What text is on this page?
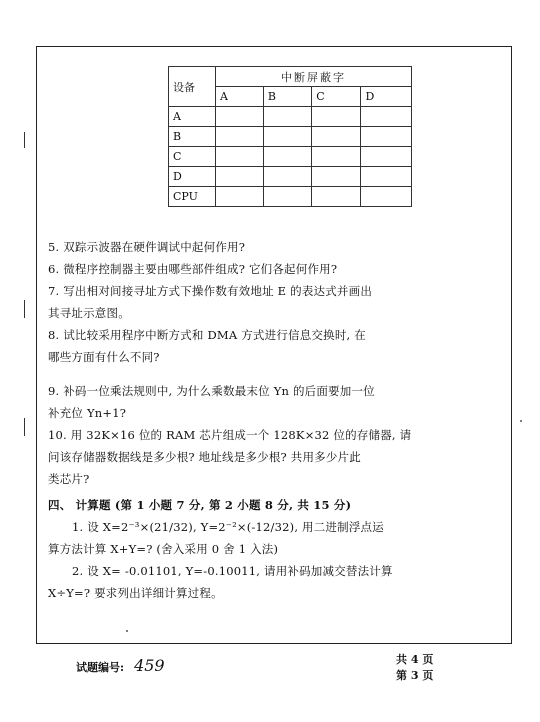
设备	中断屏蔽字			
	A	B	C	D
A				
B				
C				
D				
CPU				
5. 双踪示波器在硬件调试中起何作用?
6. 微程序控制器主要由哪些部件组成? 它们各起何作用?
7. 写出相对间接寻址方式下操作数有效地址 E 的表达式并画出
其寻址示意图。
8. 试比较采用程序中断方式和 DMA 方式进行信息交换时, 在
哪些方面有什么不同?
9. 补码一位乘法规则中, 为什么乘数最末位 Yn 的后面要加一位
补充位 Yn+1?
10. 用 32K×16 位的 RAM 芯片组成一个 128K×32 位的存储器, 请
问该存储器数据线是多少根? 地址线是多少根? 共用多少片此
类芯片?
四、 计算题 (第 1 小题 7 分, 第 2 小题 8 分, 共 15 分)
1. 设 X=2⁻³×(21/32), Y=2⁻²×(-12/32), 用二进制浮点运
算方法计算 X+Y=? (舍入采用 0 舍 1 入法)
2. 设 X= -0.01101, Y=-0.10011, 请用补码加减交替法计算
X÷Y=? 要求列出详细计算过程。
试题编号: 459	共 4 页
第 3 页
